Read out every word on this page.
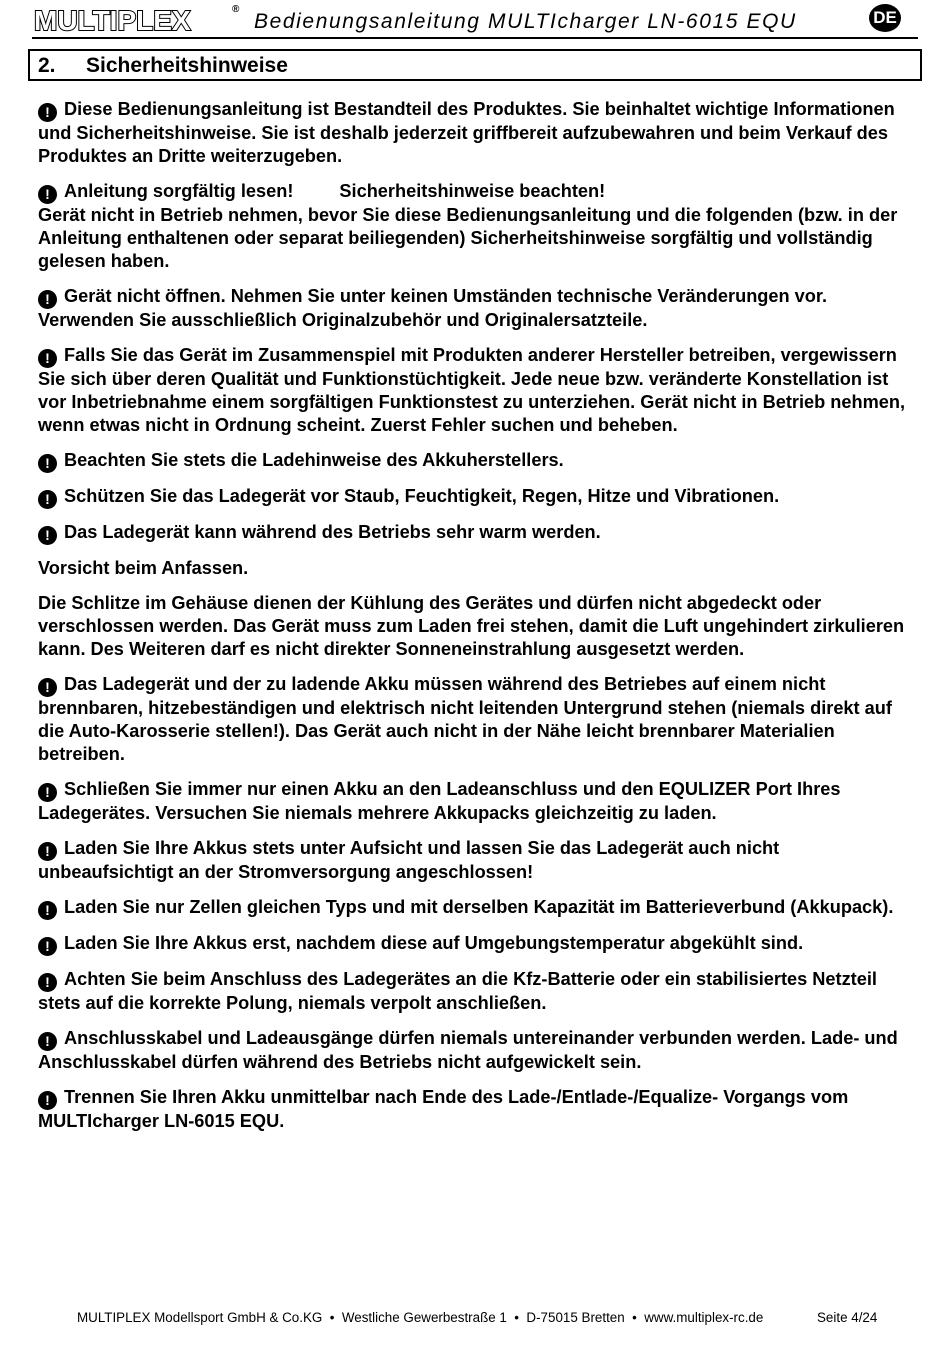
MULTIPLEX	®
Bedienungsanleitung MULTIcharger LN-6015 EQU	DE
2. Sicherheitshinweise

! Diese Bedienungsanleitung ist Bestandteil des Produktes. Sie beinhaltet wichtige Informationen und Sicherheitshinweise. Sie ist deshalb jederzeit griffbereit aufzubewahren und beim Verkauf des Produktes an Dritte weiterzugeben.

! Anleitung sorgfältig lesen!	Sicherheitshinweise beachten!
Gerät nicht in Betrieb nehmen, bevor Sie diese Bedienungsanleitung und die folgenden (bzw. in der Anleitung enthaltenen oder separat beiliegenden) Sicherheitshinweise sorgfältig und vollständig gelesen haben.

! Gerät nicht öffnen. Nehmen Sie unter keinen Umständen technische Veränderungen vor. Verwenden Sie ausschließlich Originalzubehör und Originalersatzteile.

! Falls Sie das Gerät im Zusammenspiel mit Produkten anderer Hersteller betreiben, vergewissern Sie sich über deren Qualität und Funktionstüchtigkeit. Jede neue bzw. veränderte Konstellation ist vor Inbetriebnahme einem sorgfältigen Funktionstest zu unterziehen. Gerät nicht in Betrieb nehmen, wenn etwas nicht in Ordnung scheint. Zuerst Fehler suchen und beheben.

! Beachten Sie stets die Ladehinweise des Akkuherstellers.

! Schützen Sie das Ladegerät vor Staub, Feuchtigkeit, Regen, Hitze und Vibrationen.

! Das Ladegerät kann während des Betriebs sehr warm werden.

Vorsicht beim Anfassen.

Die Schlitze im Gehäuse dienen der Kühlung des Gerätes und dürfen nicht abgedeckt oder verschlossen werden. Das Gerät muss zum Laden frei stehen, damit die Luft ungehindert zirkulieren kann. Des Weiteren darf es nicht direkter Sonneneinstrahlung ausgesetzt werden.

! Das Ladegerät und der zu ladende Akku müssen während des Betriebes auf einem nicht brennbaren, hitzebeständigen und elektrisch nicht leitenden Untergrund stehen (niemals direkt auf die Auto-Karosserie stellen!). Das Gerät auch nicht in der Nähe leicht brennbarer Materialien betreiben.

! Schließen Sie immer nur einen Akku an den Ladeanschluss und den EQULIZER Port Ihres Ladegerätes. Versuchen Sie niemals mehrere Akkupacks gleichzeitig zu laden.

! Laden Sie Ihre Akkus stets unter Aufsicht und lassen Sie das Ladegerät auch nicht unbeaufsichtigt an der Stromversorgung angeschlossen!

! Laden Sie nur Zellen gleichen Typs und mit derselben Kapazität im Batterieverbund (Akkupack).

! Laden Sie Ihre Akkus erst, nachdem diese auf Umgebungstemperatur abgekühlt sind.

! Achten Sie beim Anschluss des Ladegerätes an die Kfz-Batterie oder ein stabilisiertes Netzteil stets auf die korrekte Polung, niemals verpolt anschließen.

! Anschlusskabel und Ladeausgänge dürfen niemals untereinander verbunden werden. Lade- und Anschlusskabel dürfen während des Betriebs nicht aufgewickelt sein.

! Trennen Sie Ihren Akku unmittelbar nach Ende des Lade-/Entlade-/Equalize- Vorgangs vom MULTIcharger LN-6015 EQU.

MULTIPLEX Modellsport GmbH & Co.KG  •  Westliche Gewerbestraße 1  •  D-75015 Bretten  •  www.multiplex-rc.de	Seite 4/24
